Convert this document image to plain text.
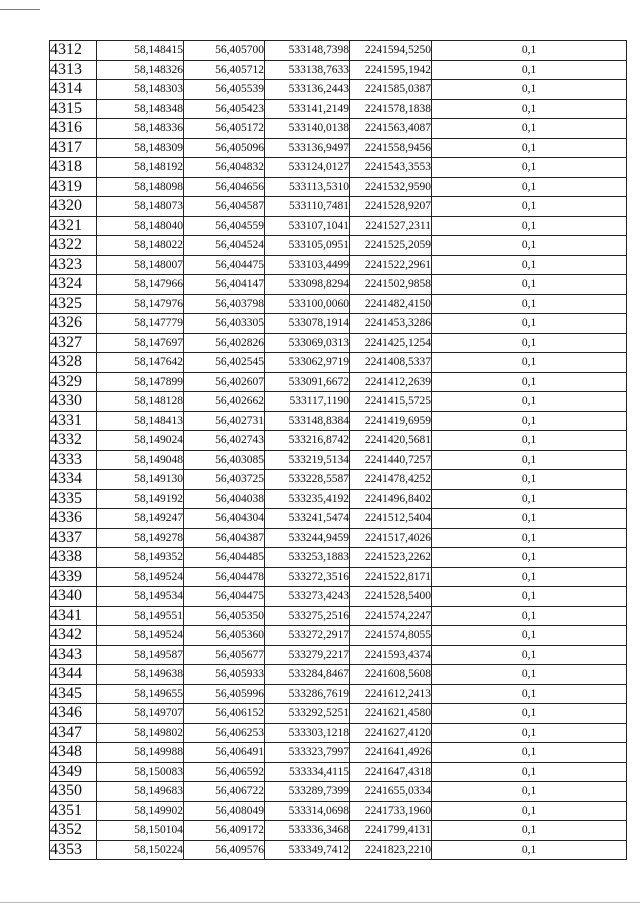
4312	58,148415	56,405700	533148,7398	2241594,5250	0,1
4313	58,148326	56,405712	533138,7633	2241595,1942	0,1
4314	58,148303	56,405539	533136,2443	2241585,0387	0,1
4315	58,148348	56,405423	533141,2149	2241578,1838	0,1
4316	58,148336	56,405172	533140,0138	2241563,4087	0,1
4317	58,148309	56,405096	533136,9497	2241558,9456	0,1
4318	58,148192	56,404832	533124,0127	2241543,3553	0,1
4319	58,148098	56,404656	533113,5310	2241532,9590	0,1
4320	58,148073	56,404587	533110,7481	2241528,9207	0,1
4321	58,148040	56,404559	533107,1041	2241527,2311	0,1
4322	58,148022	56,404524	533105,0951	2241525,2059	0,1
4323	58,148007	56,404475	533103,4499	2241522,2961	0,1
4324	58,147966	56,404147	533098,8294	2241502,9858	0,1
4325	58,147976	56,403798	533100,0060	2241482,4150	0,1
4326	58,147779	56,403305	533078,1914	2241453,3286	0,1
4327	58,147697	56,402826	533069,0313	2241425,1254	0,1
4328	58,147642	56,402545	533062,9719	2241408,5337	0,1
4329	58,147899	56,402607	533091,6672	2241412,2639	0,1
4330	58,148128	56,402662	533117,1190	2241415,5725	0,1
4331	58,148413	56,402731	533148,8384	2241419,6959	0,1
4332	58,149024	56,402743	533216,8742	2241420,5681	0,1
4333	58,149048	56,403085	533219,5134	2241440,7257	0,1
4334	58,149130	56,403725	533228,5587	2241478,4252	0,1
4335	58,149192	56,404038	533235,4192	2241496,8402	0,1
4336	58,149247	56,404304	533241,5474	2241512,5404	0,1
4337	58,149278	56,404387	533244,9459	2241517,4026	0,1
4338	58,149352	56,404485	533253,1883	2241523,2262	0,1
4339	58,149524	56,404478	533272,3516	2241522,8171	0,1
4340	58,149534	56,404475	533273,4243	2241528,5400	0,1
4341	58,149551	56,405350	533275,2516	2241574,2247	0,1
4342	58,149524	56,405360	533272,2917	2241574,8055	0,1
4343	58,149587	56,405677	533279,2217	2241593,4374	0,1
4344	58,149638	56,405933	533284,8467	2241608,5608	0,1
4345	58,149655	56,405996	533286,7619	2241612,2413	0,1
4346	58,149707	56,406152	533292,5251	2241621,4580	0,1
4347	58,149802	56,406253	533303,1218	2241627,4120	0,1
4348	58,149988	56,406491	533323,7997	2241641,4926	0,1
4349	58,150083	56,406592	533334,4115	2241647,4318	0,1
4350	58,149683	56,406722	533289,7399	2241655,0334	0,1
4351	58,149902	56,408049	533314,0698	2241733,1960	0,1
4352	58,150104	56,409172	533336,3468	2241799,4131	0,1
4353	58,150224	56,409576	533349,7412	2241823,2210	0,1
